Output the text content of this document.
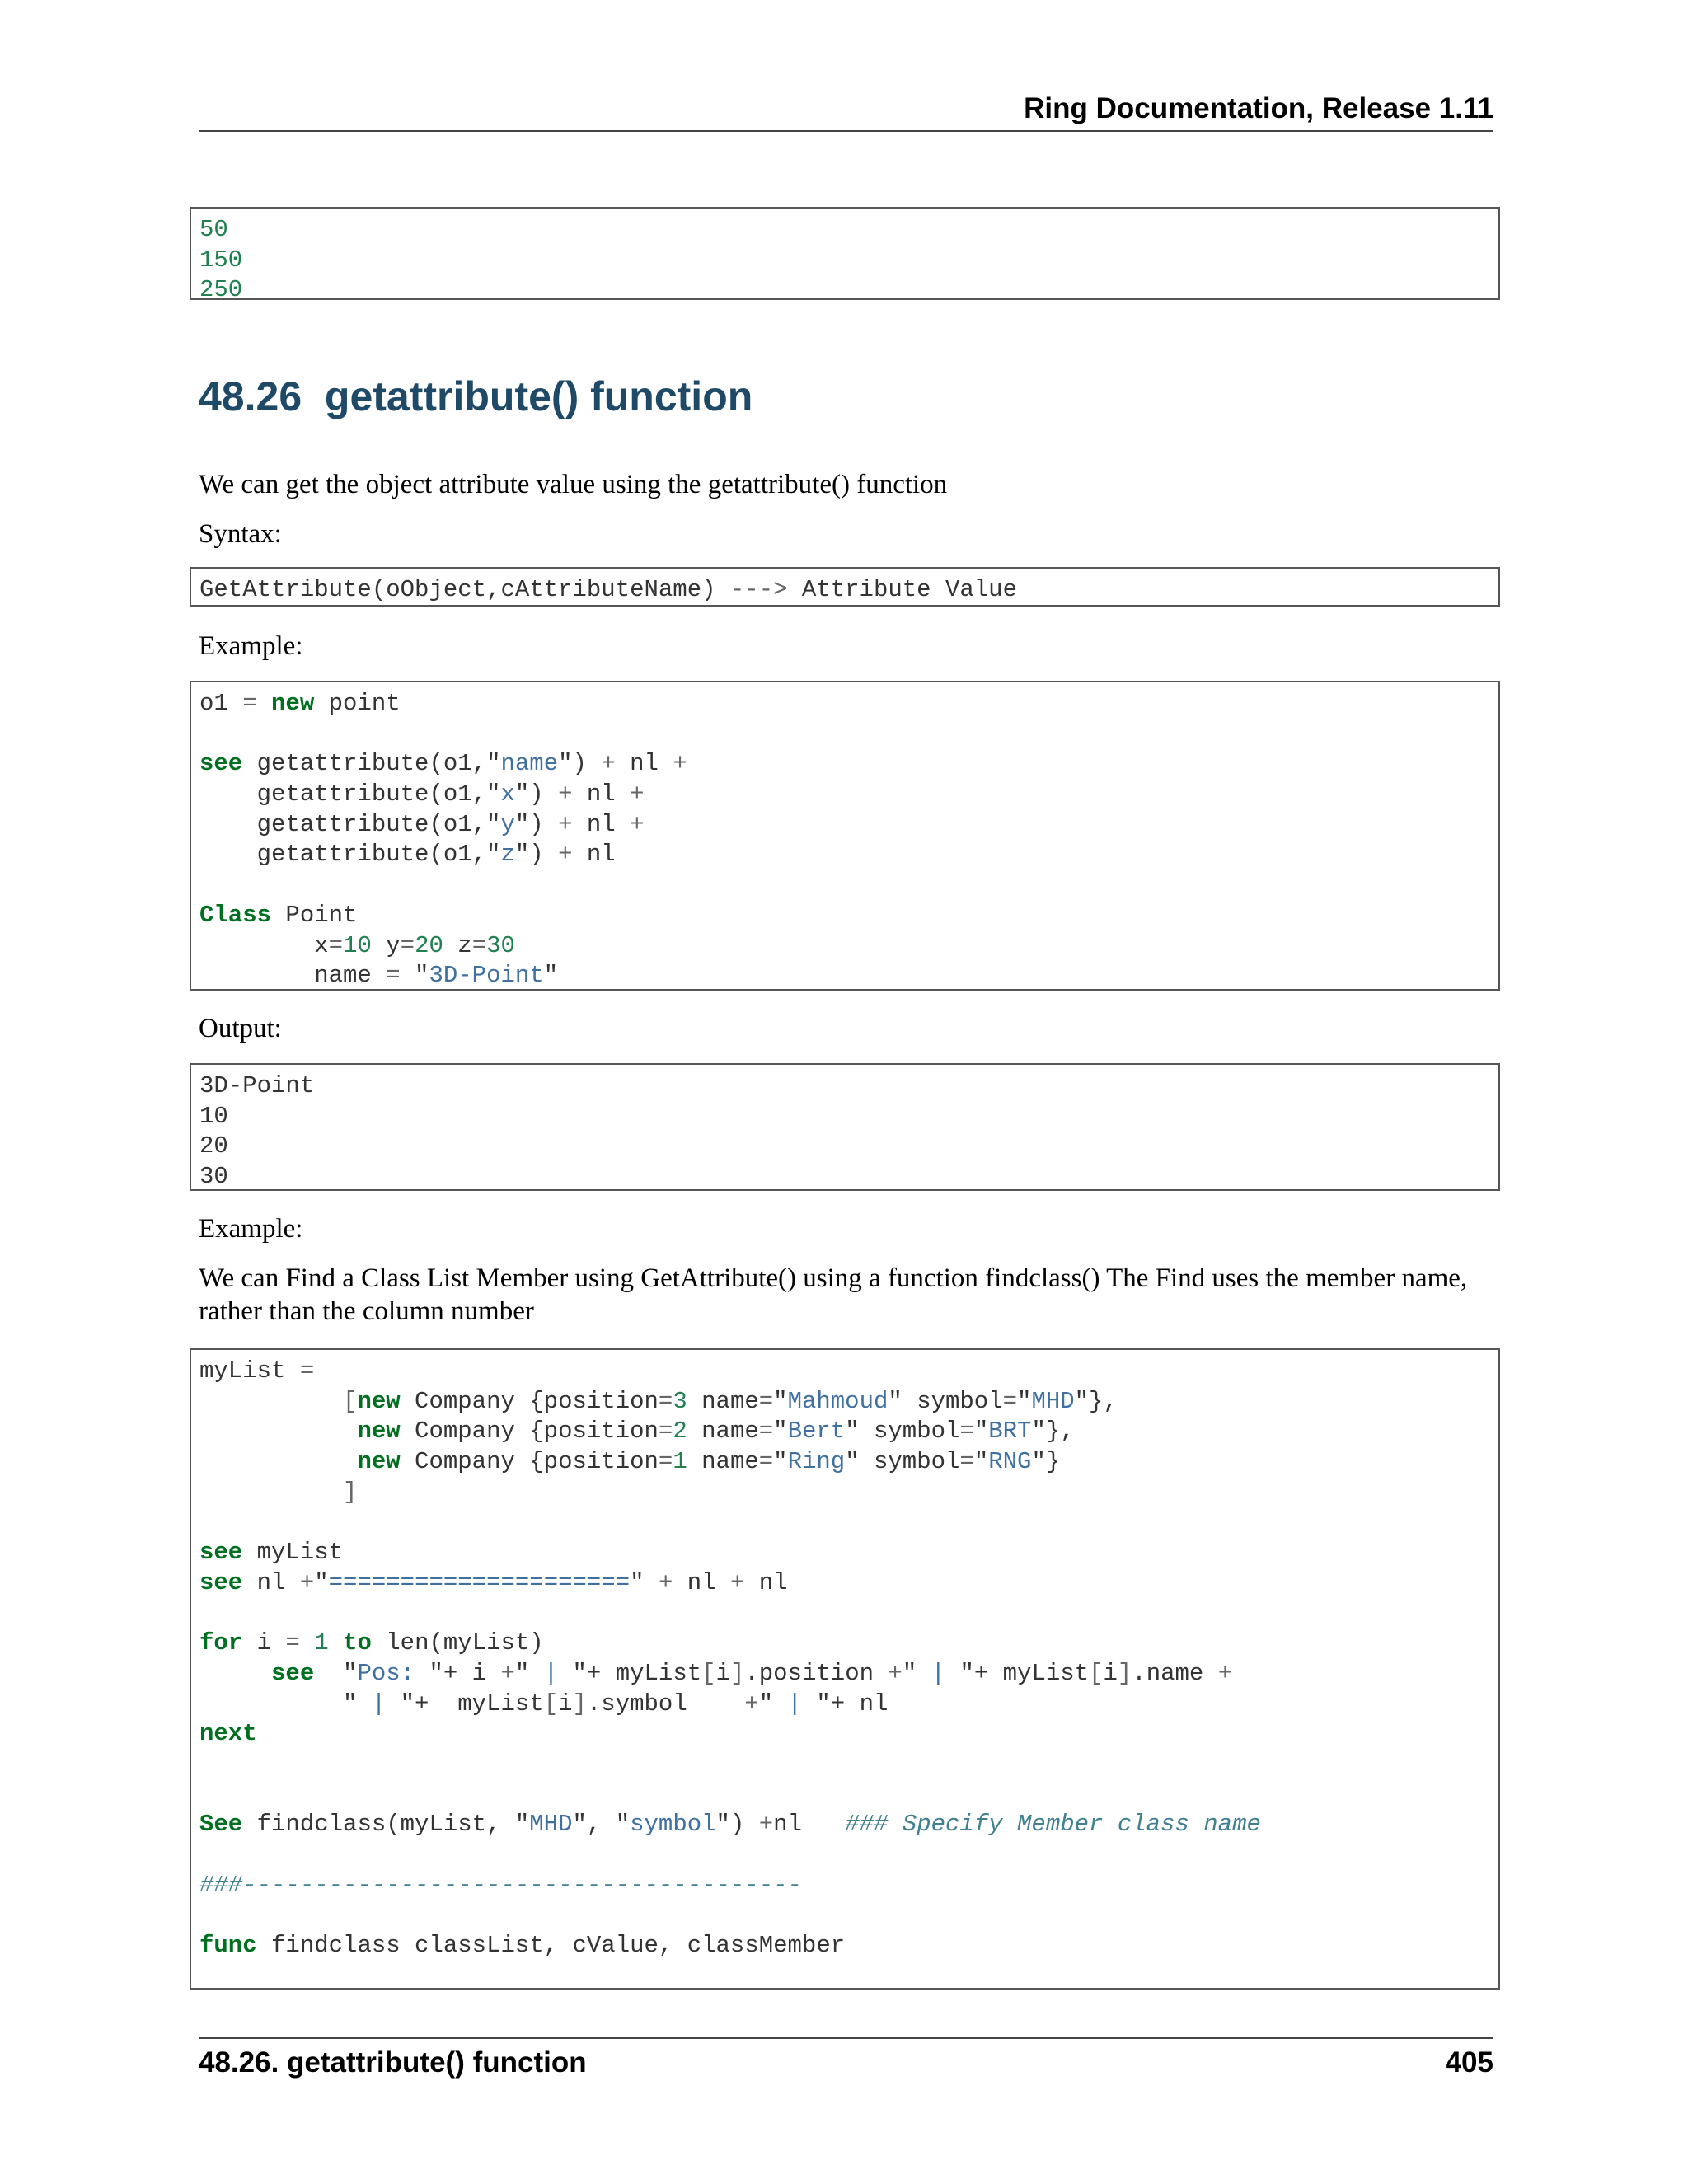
Ring Documentation, Release 1.11
50
150
250
48.26 getattribute() function
We can get the object attribute value using the getattribute() function
Syntax:
GetAttribute(oObject,cAttributeName) ---> Attribute Value
Example:
o1 = new point
see getattribute(o1,"name") + nl +
getattribute(o1,"x") + nl +
getattribute(o1,"y") + nl +
getattribute(o1,"z") + nl
Class Point
x=10 y=20 z=30
name = "3D-Point"
Output:
3D-Point
10
20
30
Example:
We can Find a Class List Member using GetAttribute() using a function findclass() The Find uses the member name, rather than the column number
myList =
[new Company {position=3 name="Mahmoud" symbol="MHD"},
new Company {position=2 name="Bert" symbol="BRT"},
new Company {position=1 name="Ring" symbol="RNG"}
]
see myList
see nl +"=====================" + nl + nl
for i = 1 to len(myList)
see  "Pos: "+ i +" | "+ myList[i].position +" | "+ myList[i].name +
" | "+  myList[i].symbol    +" | "+ nl
next
See findclass(myList, "MHD", "symbol") +nl   ### Specify Member class name
###---------------------------------------
func findclass classList, cValue, classMember
48.26. getattribute() function	405
